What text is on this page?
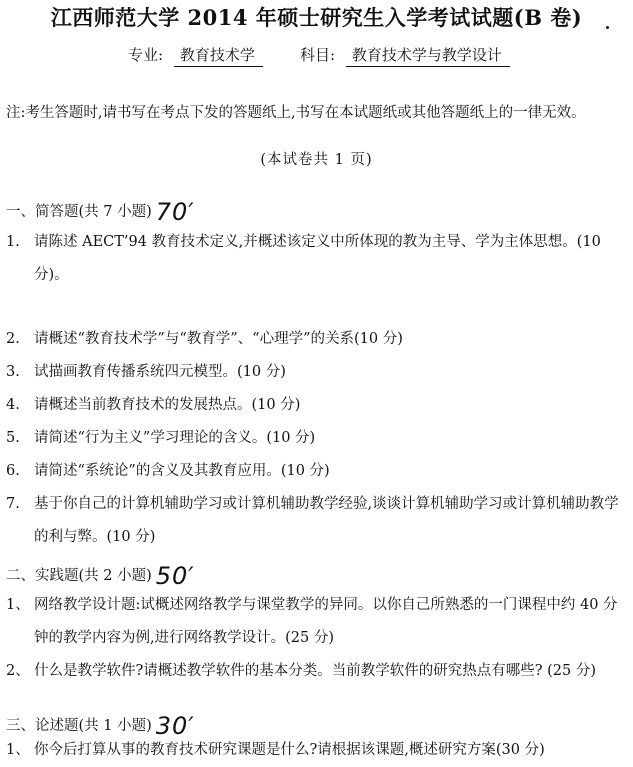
江西师范大学 2014 年硕士研究生入学考试试题(B 卷)
专业: 教育技术学	科目: 教育技术学与教学设计
注:考生答题时,请书写在考点下发的答题纸上,书写在本试题纸或其他答题纸上的一律无效。
(本试卷共 1 页)
一、简答题(共 7 小题) 70′
1. 请陈述 AECT’94 教育技术定义,并概述该定义中所体现的教为主导、学为主体思想。(10 分)。
2. 请概述“教育技术学”与“教育学”、“心理学”的关系(10 分)
3. 试描画教育传播系统四元模型。(10 分)
4. 请概述当前教育技术的发展热点。(10 分)
5. 请简述“行为主义”学习理论的含义。(10 分)
6. 请简述“系统论”的含义及其教育应用。(10 分)
7. 基于你自己的计算机辅助学习或计算机辅助教学经验,谈谈计算机辅助学习或计算机辅助教学的利与弊。(10 分)
二、实践题(共 2 小题) 50′
1、 网络教学设计题:试概述网络教学与课堂教学的异同。以你自己所熟悉的一门课程中约 40 分钟的教学内容为例,进行网络教学设计。(25 分)
2、 什么是教学软件?请概述教学软件的基本分类。当前教学软件的研究热点有哪些? (25 分)
三、论述题(共 1 小题) 30′
1、 你今后打算从事的教育技术研究课题是什么?请根据该课题,概述研究方案(30 分)
